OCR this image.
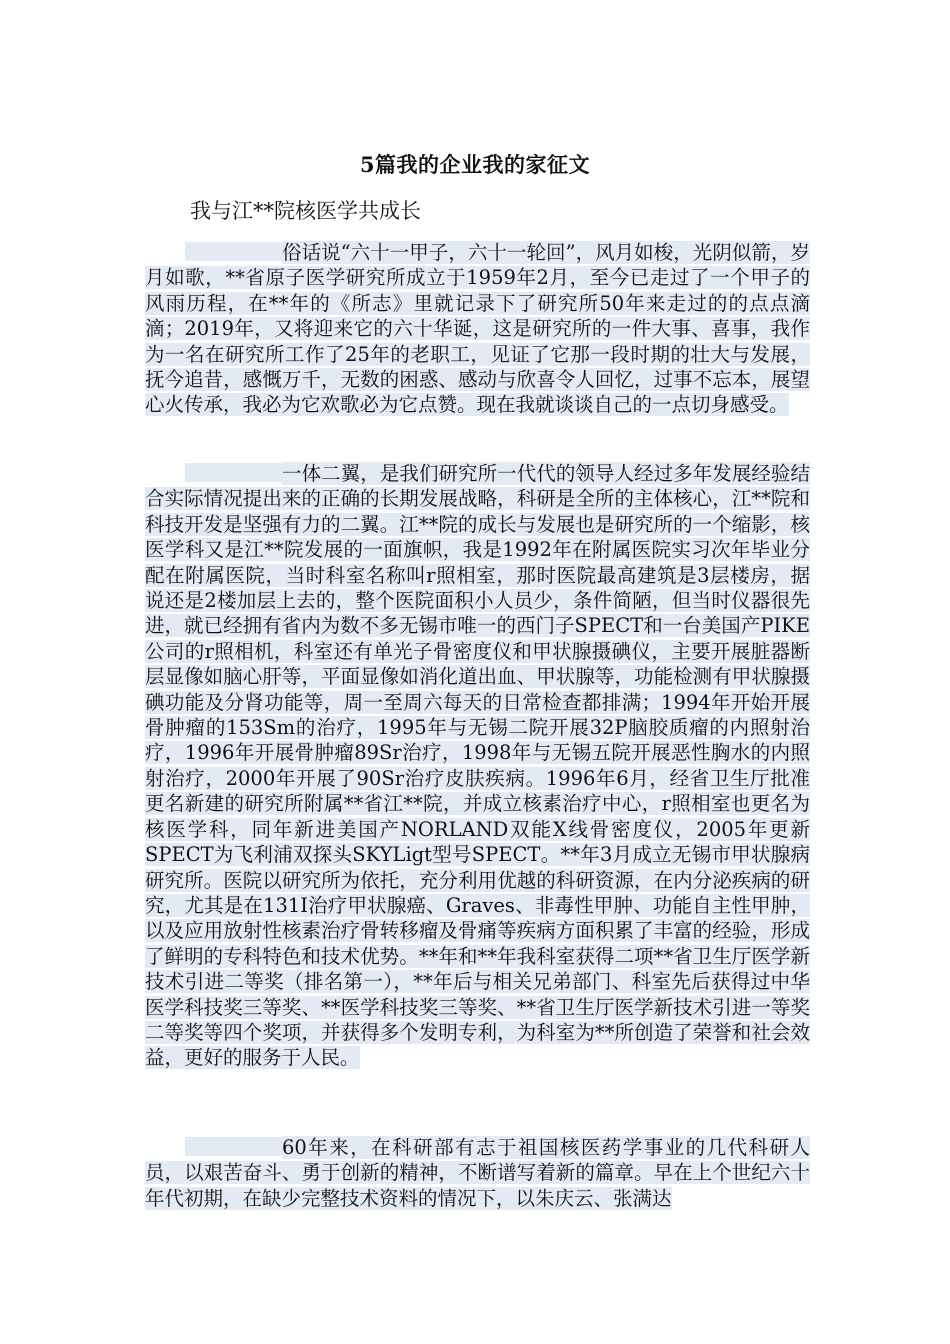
5篇我的企业我的家征文

我与江**院核医学共成长

俗话说“六十一甲子，六十一轮回”，风月如梭，光阴似箭，岁月如歌，**省原子医学研究所成立于1959年2月，至今已走过了一个甲子的风雨历程，在**年的《所志》里就记录下了研究所50年来走过的的点点滴滴；2019年，又将迎来它的六十华诞，这是研究所的一件大事、喜事，我作为一名在研究所工作了25年的老职工，见证了它那一段时期的壮大与发展，抚今追昔，感慨万千，无数的困惑、感动与欣喜令人回忆，过事不忘本，展望心火传承，我必为它欢歌必为它点赞。现在我就谈谈自己的一点切身感受。

一体二翼，是我们研究所一代代的领导人经过多年发展经验结合实际情况提出来的正确的长期发展战略，科研是全所的主体核心，江**院和科技开发是坚强有力的二翼。江**院的成长与发展也是研究所的一个缩影，核医学科又是江**院发展的一面旗帜，我是1992年在附属医院实习次年毕业分配在附属医院，当时科室名称叫r照相室，那时医院最高建筑是3层楼房，据说还是2楼加层上去的，整个医院面积小人员少，条件简陋，但当时仪器很先进，就已经拥有省内为数不多无锡市唯一的西门子SPECT和一台美国产PIKE公司的r照相机，科室还有单光子骨密度仪和甲状腺摄碘仪，主要开展脏器断层显像如脑心肝等，平面显像如消化道出血、甲状腺等，功能检测有甲状腺摄碘功能及分肾功能等，周一至周六每天的日常检查都排满；1994年开始开展骨肿瘤的153Sm的治疗，1995年与无锡二院开展32P脑胶质瘤的内照射治疗，1996年开展骨肿瘤89Sr治疗，1998年与无锡五院开展恶性胸水的内照射治疗，2000年开展了90Sr治疗皮肤疾病。1996年6月，经省卫生厅批准更名新建的研究所附属**省江**院，并成立核素治疗中心，r照相室也更名为核医学科，同年新进美国产NORLAND双能X线骨密度仪，2005年更新SPECT为飞利浦双探头SKYLigt型号SPECT。**年3月成立无锡市甲状腺病研究所。医院以研究所为依托，充分利用优越的科研资源，在内分泌疾病的研究，尤其是在131I治疗甲状腺癌、Graves、非毒性甲肿、功能自主性甲肿，以及应用放射性核素治疗骨转移瘤及骨痛等疾病方面积累了丰富的经验，形成了鲜明的专科特色和技术优势。**年和**年我科室获得二项**省卫生厅医学新技术引进二等奖（排名第一），**年后与相关兄弟部门、科室先后获得过中华医学科技奖三等奖、**医学科技奖三等奖、**省卫生厅医学新技术引进一等奖二等奖等四个奖项，并获得多个发明专利，为科室为**所创造了荣誉和社会效益，更好的服务于人民。

60年来，在科研部有志于祖国核医药学事业的几代科研人员，以艰苦奋斗、勇于创新的精神，不断谱写着新的篇章。早在上个世纪六十年代初期，在缺少完整技术资料的情况下，以朱庆云、张满达
